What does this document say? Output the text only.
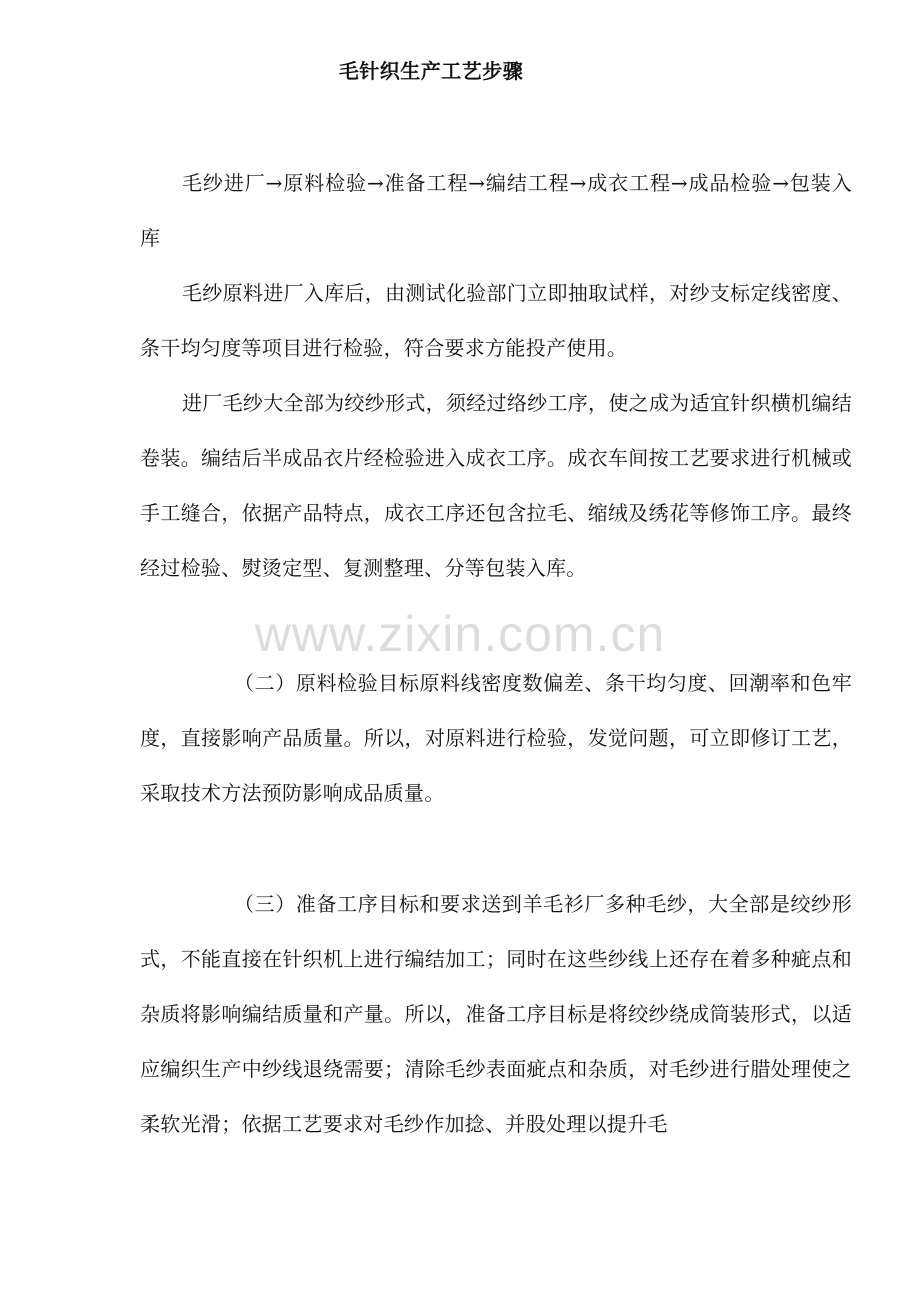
毛针织生产工艺步骤

毛纱进厂→原料检验→准备工程→编结工程→成衣工程→成品检验→包装入库

毛纱原料进厂入库后，由测试化验部门立即抽取试样，对纱支标定线密度、条干均匀度等项目进行检验，符合要求方能投产使用。

进厂毛纱大全部为绞纱形式，须经过络纱工序，使之成为适宜针织横机编结卷装。编结后半成品衣片经检验进入成衣工序。成衣车间按工艺要求进行机械或手工缝合，依据产品特点，成衣工序还包含拉毛、缩绒及绣花等修饰工序。最终经过检验、熨烫定型、复测整理、分等包装入库。

www.zixin.com.cn

（二）原料检验目标原料线密度数偏差、条干均匀度、回潮率和色牢度，直接影响产品质量。所以，对原料进行检验，发觉问题，可立即修订工艺，采取技术方法预防影响成品质量。

（三）准备工序目标和要求送到羊毛衫厂多种毛纱，大全部是绞纱形式，不能直接在针织机上进行编结加工；同时在这些纱线上还存在着多种疵点和杂质将影响编结质量和产量。所以，准备工序目标是将绞纱绕成筒装形式，以适应编织生产中纱线退绕需要；清除毛纱表面疵点和杂质，对毛纱进行腊处理使之柔软光滑；依据工艺要求对毛纱作加捻、并股处理以提升毛
